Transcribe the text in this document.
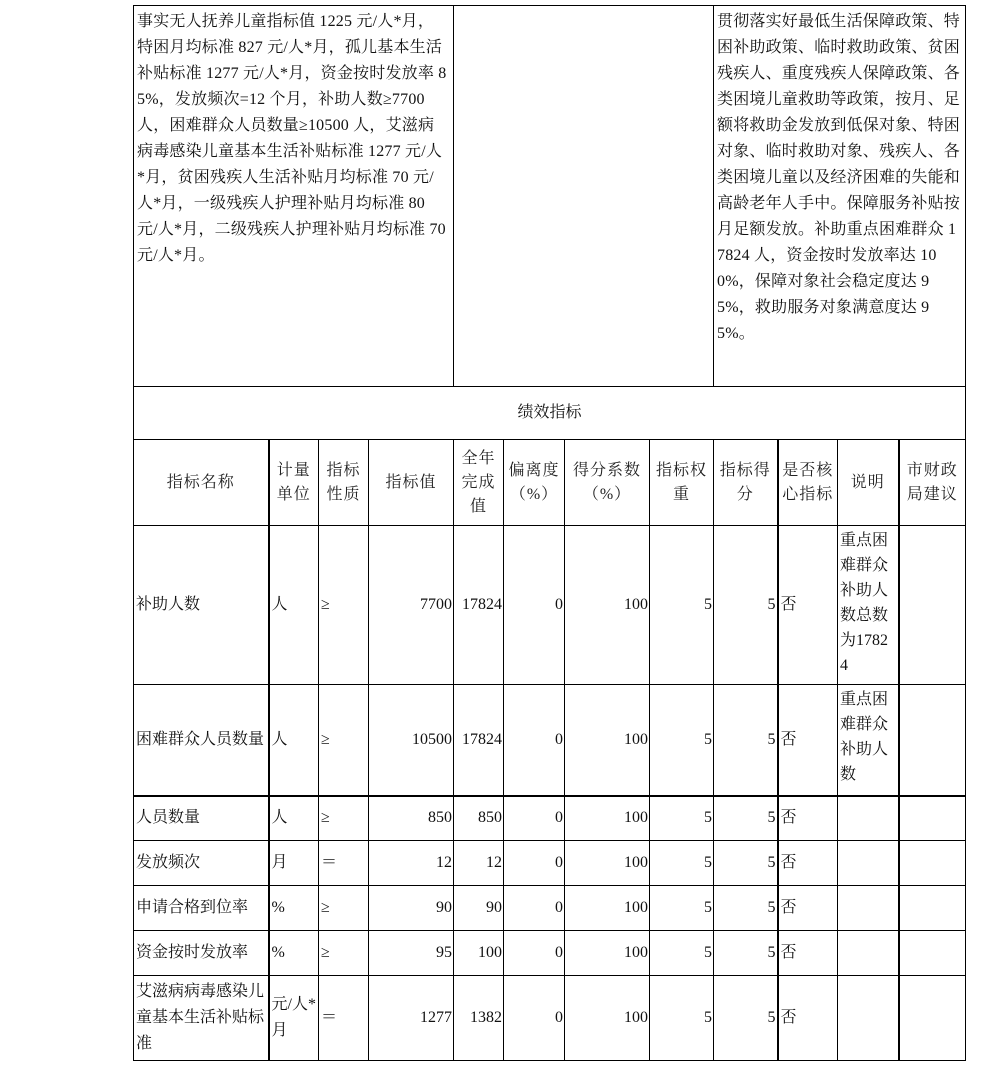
事实无人抚养儿童指标值 1225 元/人*月，特困月均标准 827 元/人*月，孤儿基本生活补贴标准 1277 元/人*月，资金按时发放率 85%，发放频次=12 个月，补助人数≥7700 人，困难群众人员数量≥10500 人，艾滋病病毒感染儿童基本生活补贴标准 1277 元/人*月，贫困残疾人生活补贴月均标准 70 元/人*月，一级残疾人护理补贴月均标准 80 元/人*月，二级残疾人护理补贴月均标准 70 元/人*月。								贯彻落实好最低生活保障政策、特困补助政策、临时救助政策、贫困残疾人、重度残疾人保障政策、各类困境儿童救助等政策，按月、足额将救助金发放到低保对象、特困对象、临时救助对象、残疾人、各类困境儿童以及经济困难的失能和高龄老年人手中。保障服务补贴按月足额发放。补助重点困难群众 17824 人，资金按时发放率达 100%，保障对象社会稳定度达 95%，救助服务对象满意度达 95%。			
绩效指标											
指标名称	计量单位	指标性质	指标值	全年完成值	偏离度（%）	得分系数（%）	指标权重	指标得分	是否核心指标	说明	市财政局建议
补助人数	人	≥	7700	17824	0	100	5	5	否	重点困难群众补助人数总数为17824	
困难群众人员数量	人	≥	10500	17824	0	100	5	5	否	重点困难群众补助人数	
人员数量	人	≥	850	850	0	100	5	5	否		
发放频次	月	＝	12	12	0	100	5	5	否		
申请合格到位率	%	≥	90	90	0	100	5	5	否		
资金按时发放率	%	≥	95	100	0	100	5	5	否		
艾滋病病毒感染儿童基本生活补贴标准	元/人*月	＝	1277	1382	0	100	5	5	否		
